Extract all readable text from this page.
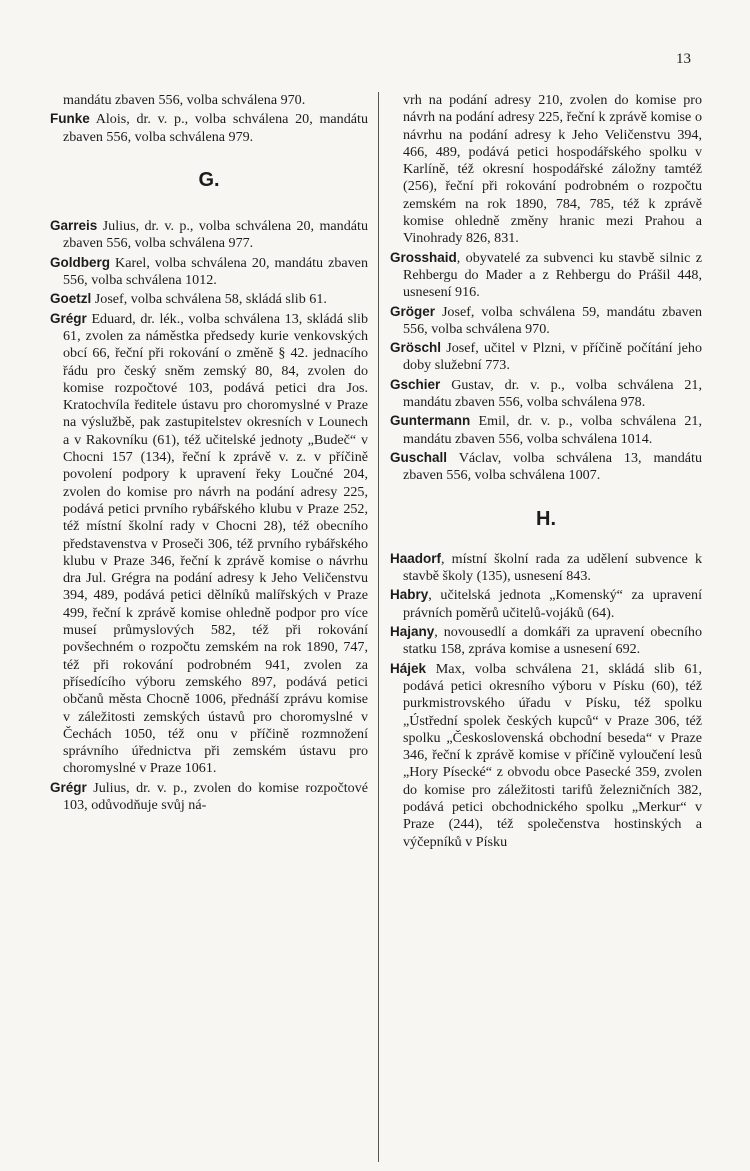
13

mandátu zbaven 556, volba schválena 970.

Funke Alois, dr. v. p., volba schválena 20, mandátu zbaven 556, volba schválena 979.

G.

Garreis Julius, dr. v. p., volba schválena 20, mandátu zbaven 556, volba schválena 977.

Goldberg Karel, volba schválena 20, mandátu zbaven 556, volba schválena 1012.

Goetzl Josef, volba schválena 58, skládá slib 61.

Grégr Eduard, dr. lék., volba schválena 13, skládá slib 61, zvolen za náměstka předsedy kurie venkovských obcí 66, řeční při rokování o změně § 42. jednacího řádu pro český sněm zemský 80, 84, zvolen do komise rozpočtové 103, podává petici dra Jos. Kratochvíla ředitele ústavu pro choromyslné v Praze na výslužbě, pak zastupitelstev okresních v Lounech a v Rakovníku (61), též učitelské jednoty „Budeč“ v Chocni 157 (134), řeční k zprávě v. z. v příčině povolení podpory k upravení řeky Loučné 204, zvolen do komise pro návrh na podání adresy 225, podává petici prvního rybářského klubu v Praze 252, též místní školní rady v Chocni 28), též obecního představenstva v Proseči 306, též prvního rybářského klubu v Praze 346, řeční k zprávě komise o návrhu dra Jul. Grégra na podání adresy k Jeho Veličenstvu 394, 489, podává petici dělníků malířských v Praze 499, řeční k zprávě komise ohledně podpor pro více museí průmyslových 582, též při rokování povšechném o rozpočtu zemském na rok 1890, 747, též při rokování podrobném 941, zvolen za přísedícího výboru zemského 897, podává petici občanů města Chocně 1006, přednáší zprávu komise v záležitosti zemských ústavů pro choromyslné v Čechách 1050, též onu v příčině rozmnožení správního úřednictva při zemském ústavu pro choromyslné v Praze 1061.

Grégr Julius, dr. v. p., zvolen do komise rozpočtové 103, odůvodňuje svůj ná-

vrh na podání adresy 210, zvolen do komise pro návrh na podání adresy 225, řeční k zprávě komise o návrhu na podání adresy k Jeho Veličenstvu 394, 466, 489, podává petici hospodářského spolku v Karlíně, též okresní hospodářské záložny tamtéž (256), řeční při rokování podrobném o rozpočtu zemském na rok 1890, 784, 785, též k zprávě komise ohledně změny hranic mezi Prahou a Vinohrady 826, 831.

Grosshaid, obyvatelé za subvenci ku stavbě silnic z Rehbergu do Mader a z Rehbergu do Prášil 448, usnesení 916.

Gröger Josef, volba schválena 59, mandátu zbaven 556, volba schválena 970.

Gröschl Josef, učitel v Plzni, v příčině počítání jeho doby služební 773.

Gschier Gustav, dr. v. p., volba schválena 21, mandátu zbaven 556, volba schválena 978.

Guntermann Emil, dr. v. p., volba schválena 21, mandátu zbaven 556, volba schválena 1014.

Guschall Václav, volba schválena 13, mandátu zbaven 556, volba schválena 1007.

H.

Haadorf, místní školní rada za udělení subvence k stavbě školy (135), usnesení 843.

Habry, učitelská jednota „Komenský“ za upravení právních poměrů učitelů-vojáků (64).

Hajany, novousedlí a domkáři za upravení obecního statku 158, zpráva komise a usnesení 692.

Hájek Max, volba schválena 21, skládá slib 61, podává petici okresního výboru v Písku (60), též purkmistrovského úřadu v Písku, též spolku „Ústřední spolek českých kupců“ v Praze 306, též spolku „Československá obchodní beseda“ v Praze 346, řeční k zprávě komise v příčině vyloučení lesů „Hory Písecké“ z obvodu obce Pasecké 359, zvolen do komise pro záležitosti tarifů železničních 382, podává petici obchodnického spolku „Merkur“ v Praze (244), též společenstva hostinských a výčepníků v Písku
